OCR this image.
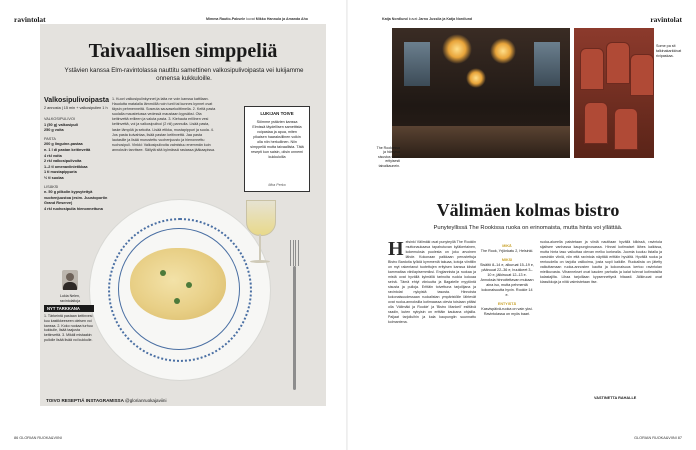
ravintolat	Mimma Rautio-Paksele kuvat Mikko Hannula ja Amanda Aho
Taivaallisen simppeliä
Ystävien kanssa Elm-ravintolassa nauttitu samettinen valkosipulivoipasta vei lukijamme onnensa kukkuloille.
Valkosipulivoipasta
2 annosta | 15 min + valkosipulien 1 h
VALKOSIPULIVOI
1 (50 g) valkosipuli
250 g voita
PASTA
200 g linguine-pastaa
n. 1 l di pastan keitinvettä
4 rkl voita
2 rkl valkosipulivoita
1–2 tl omenaviinietikkaa
1 tl mustapippuria
½ tl suolaa
LISÄKSI
n. 50 g pilkolin kypsytettyä vuohenjuustoa (esim. Juustoportin Grand Reserve)
4 rkl ruohosipulia hienonnettuna
1. Kuori valkosipulinkynnet ja laita ne voin kanssa kattilaan. Haudutta matalalla lämmöllä noin tunti tai kunnes kynnet ovat täysin pehmenneitä. Soseuta sauvasekoittimella. 2. Keitä pasta suolalla maustetussa vedessä maustaan kypsäksi. Ota keitinvettä erilleen ja valuta pasta. 3. Kiehauta erillinen vesi keitinvettä, voi ja valkosipulivoi (2 rkl) pannulla. Lisää pasta, laske lämpöä ja sekoita. Lisää etikka, mustapippuri ja suola. 4. Jos pasta kuivahtaa, lisää pastan keitinvettä. Jaa pasta lautasille ja lisää murustettu vuohenjuusto ja hienonnettu ruohosipuli. Vinkki: Valkosipulivoita valmistuu enemmän kuin annoksiin tarvitsee. Säilytä sitä kylmässä rasiassa jääkaapissa.
LUKIJAN TOIVE
Söimme ystävien kanssa Elmissä täydellisen samettista voipastaa ja apua, miten pikaisen haaraksillinen voikin olla niin herkullinen. Niin simppeliä mutta taivaallista. Tätä resepti kun saisin, olisin onnemi kukkuloilla
Mira Perko
Lukia Nelen, ravintolaitoja
NYT TARKKANA
1. Tärkeintä pastaan keitinvesi kuu kastikkeeseen oleisen voi kanssa. 2. Koko ruokaa turhuu kukkulle, lisää taajusta keitinvettä. 3. Mikäli mistaakin pullolle lisää lisää voi kukkulle.
TOIVO RESEPTIÄ INSTAGRAMISSA @glorianruokajaviini
86 GLORIAN RUOKA&VIINI
Katja Nordlund kuvat Jarno Jussila ja Katja Nordlund	ravintolat
Some pa sit talkinakarkkivat rivipaskaa.
The Rookiessa ja hämyisä sisustus tuneil erityisesti taivalkaunein.
Välimäen kolmas bistro
Punyteyllissä The Rookissa ruoka on erinomaista, mutta hinta voi yllättää.
Helsinki Välimäki ovat punyteyllä The Rookiin muttonaukaava tapahutuvan kyläkertainen, kokemuksia puolesta on joku arvoinen lähde. Kokonaan paikkaan perustettuja Bistro Bardotia lyökiä kymmeniä takuaa, kotoja viinitilin on myt rakentanut tuotettujen erityisen kanssa kiistat kammaltaa viinilapisemmiksi. Englannista ja ruokaa ja mistä ovat hyvällä kylmällä tarinoita ruokia kokoaa seinä. Tämä ehtyi viiniuutta ja Bagatelle myytöntä sisusta ja pulloja. Erittäin toivettuna tarjoilijana ja ravintolat nykyistä tasosta. Hinnoista kokonaisuudessaan ruokalistan ympäristölle lähtevät ovat ruoka-annoksilla kotimaassa olevia toisiaan pitäisi olla 'Välimäki ja Rookie' ja 'Bistro Mankeil' esittävä raadin, kuten nykyisin on erittäin kaukana ohjailla. Paljaat tarjoiluihin ja kala kaupungiin suunnattu kolmantena.
MIKÄ
The Rook, Yrjönkatu 2, Helsinki.
MIKSI
Sisältö 8–14 e, alkuruat 15–19 e, pääruuat 22–36 e, buukkeet 3–10 e, jälkiruuat 12–13 e. Annoksia hinnoiteltavan mukaan aina iso, mutta pehmentä kokonaisuutta hyvin. Rookie 14 e.
ENTYISTÄ
Kasvispäivä-ruoka on vain yksi. Ravintolassa on myös baari.
ruoka-alueella paistetaan ja viiniä nautitaan hyvällä kiikissä, ravintola sijaitsee vanhassa kaupunginosassa. Hinnat kotimaiset lähes kaikissa, mutta hinta taso vaikuttaa olevan melko korkealla. Juomia kuuluu listalla ja varsinkin viiniä, niin että ravintola näyttää erittäin hyvältä. Hyvällä ruoka ja rentoudella on tarjolla valikoima, josta sopii kaikille. Ruokalista on jätetty vaikuttamaan ruoka-annosten kautta ja kokonaisuus kertoo ravintolan mielikuvasta. Vihannekset ovat kauden parhaita ja kalat tulevat kotimaisilta kalastajilta. Lihaa tarjoillaan kypsennettynä hitaasti. Jälkiruoat ovat klassikkoja ja niitä valmistetaan itse.
VASTINETTA RAHALLE
GLORIAN RUOKA&VIINI 87
